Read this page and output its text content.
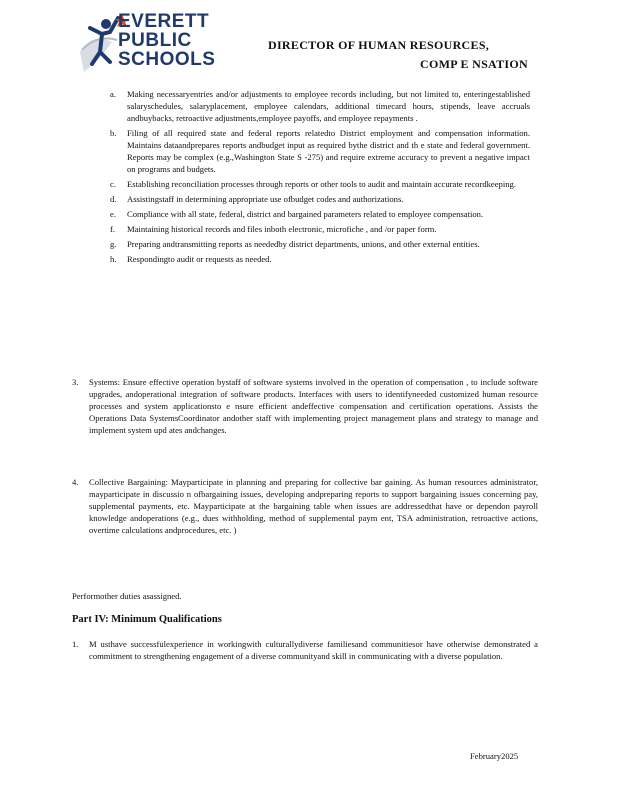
EVERETT
PUBLIC
SCHOOLS
DIRECTOR OF HUMAN RESOURCES,
COMP E NSATION
a.	Making necessaryentries and/or adjustments to employee records including, but not limited to, enteringestablished salaryschedules, salaryplacement, employee calendars, additional timecard hours, stipends, leave accruals andbuybacks, retroactive adjustments,employee payoffs, and employee repayments .
b.	Filing of all required state and federal reports relatedto District employment and compensation information. Maintains dataandprepares reports andbudget input as required bythe district and th e state and federal government. Reports may be complex (e.g.,Washington State S -275) and require extreme accuracy to prevent a negative impact on programs and budgets.
c.	Establishing reconciliation processes through reports or other tools to audit and maintain accurate recordkeeping.
d.	Assistingstaff in determining appropriate use ofbudget codes and authorizations.
e.	Compliance with all state, federal, district and bargained parameters related to employee compensation.
f.	Maintaining historical records and files inboth electronic, microfiche , and /or paper form.
g.	Preparing andtransmitting reports as neededby district departments, unions, and other external entities.
h.	Respondingto audit or requests as needed.
3.	Systems: Ensure effective operation bystaff of software systems involved in the operation of compensation , to include software upgrades, andoperational integration of software products. Interfaces with users to identifyneeded customized human resource processes and system applicationsto e nsure efficient andeffective compensation and certification operations. Assists the Operations Data SystemsCoordinator andother staff with implementing project management plans and strategy to manage and implement system upd ates andchanges.
4.	Collective Bargaining: Mayparticipate in planning and preparing for collective bar gaining. As human resources administrator, mayparticipate in discussio n ofbargaining issues, developing andpreparing reports to support bargaining issues concerning pay, supplemental payments, etc. Mayparticipate at the bargaining table when issues are addressedthat have or dependon payroll knowledge andoperations (e.g., dues withholding, method of supplemental paym ent, TSA administration, retroactive actions, overtime calculations andprocedures, etc. )
Performother duties asassigned.
Part IV: Minimum Qualifications
1.	M usthave successfulexperience in workingwith culturallydiverse familiesand communitiesor have otherwise demonstrated a commitment to strengthening engagement of a diverse communityand skill in communicating with a diverse population.
February2025
